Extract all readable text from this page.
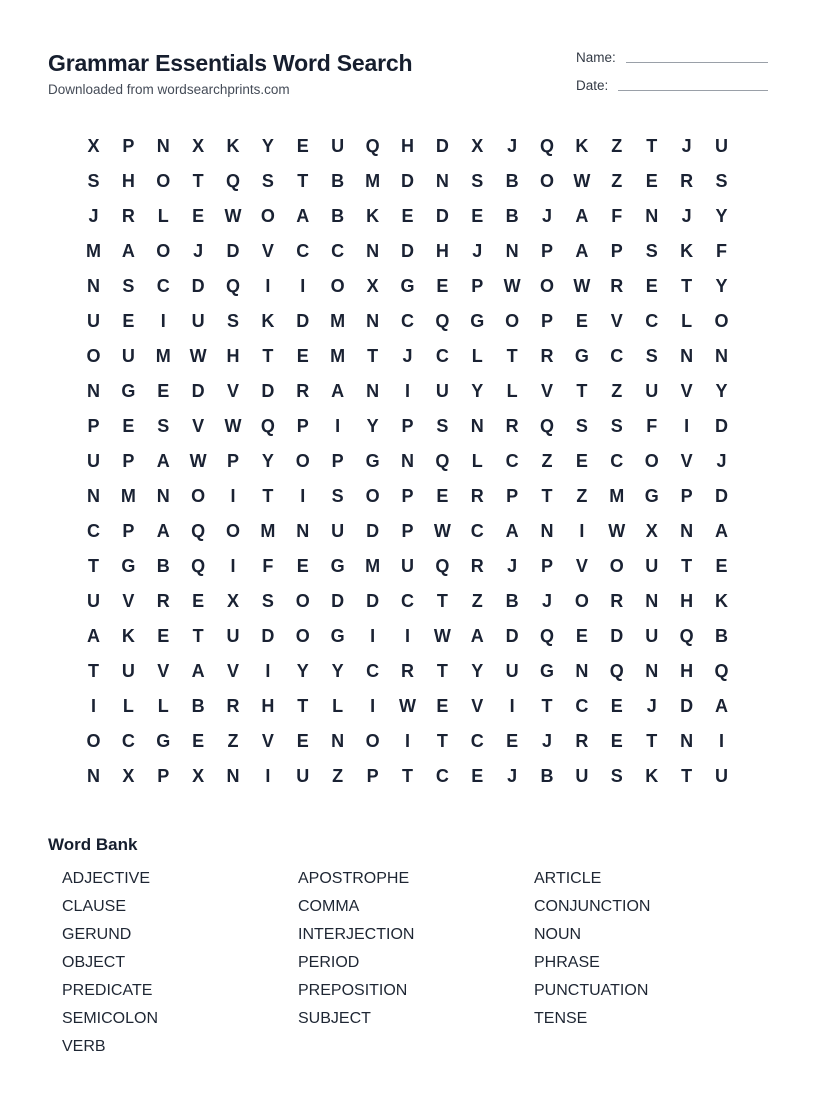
Grammar Essentials Word Search
Downloaded from wordsearchprints.com
Name:
Date:
X	P	N	X	K	Y	E	U	Q	H	D	X	J	Q	K	Z	T	J	U
S	H	O	T	Q	S	T	B	M	D	N	S	B	O	W	Z	E	R	S
J	R	L	E	W	O	A	B	K	E	D	E	B	J	A	F	N	J	Y
M	A	O	J	D	V	C	C	N	D	H	J	N	P	A	P	S	K	F
N	S	C	D	Q	I	I	O	X	G	E	P	W	O	W	R	E	T	Y
U	E	I	U	S	K	D	M	N	C	Q	G	O	P	E	V	C	L	O
O	U	M	W	H	T	E	M	T	J	C	L	T	R	G	C	S	N	N
N	G	E	D	V	D	R	A	N	I	U	Y	L	V	T	Z	U	V	Y
P	E	S	V	W	Q	P	I	Y	P	S	N	R	Q	S	S	F	I	D
U	P	A	W	P	Y	O	P	G	N	Q	L	C	Z	E	C	O	V	J
N	M	N	O	I	T	I	S	O	P	E	R	P	T	Z	M	G	P	D
C	P	A	Q	O	M	N	U	D	P	W	C	A	N	I	W	X	N	A
T	G	B	Q	I	F	E	G	M	U	Q	R	J	P	V	O	U	T	E
U	V	R	E	X	S	O	D	D	C	T	Z	B	J	O	R	N	H	K
A	K	E	T	U	D	O	G	I	I	W	A	D	Q	E	D	U	Q	B
T	U	V	A	V	I	Y	Y	C	R	T	Y	U	G	N	Q	N	H	Q
I	L	L	B	R	H	T	L	I	W	E	V	I	T	C	E	J	D	A
O	C	G	E	Z	V	E	N	O	I	T	C	E	J	R	E	T	N	I
N	X	P	X	N	I	U	Z	P	T	C	E	J	B	U	S	K	T	U
Word Bank
ADJECTIVE	APOSTROPHE	ARTICLE
CLAUSE	COMMA	CONJUNCTION
GERUND	INTERJECTION	NOUN
OBJECT	PERIOD	PHRASE
PREDICATE	PREPOSITION	PUNCTUATION
SEMICOLON	SUBJECT	TENSE
VERB
